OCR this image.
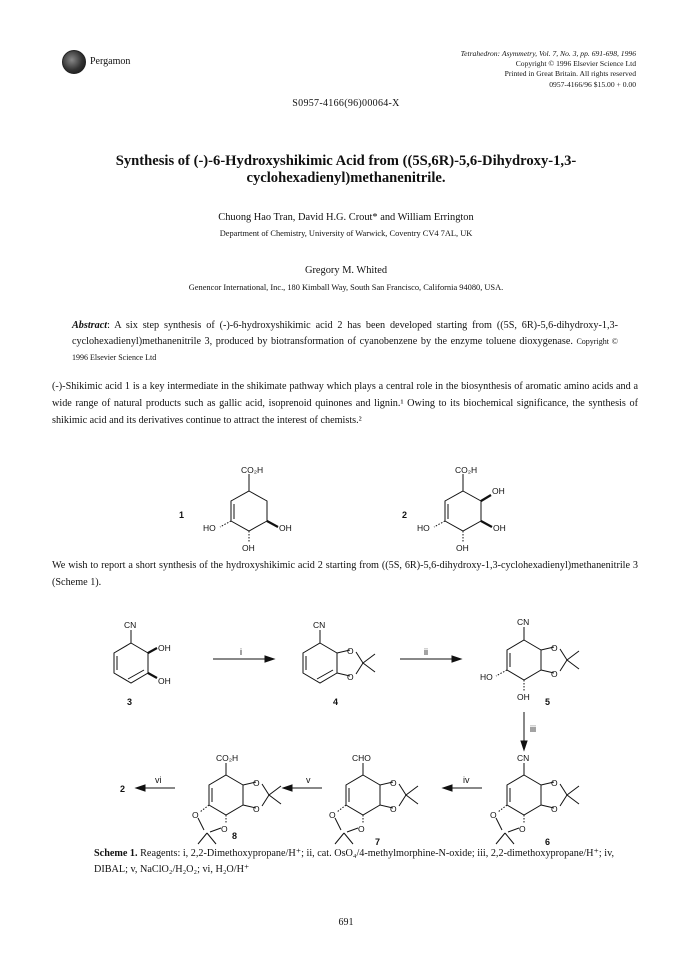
Pergamon
Tetrahedron: Asymmetry, Vol. 7, No. 3, pp. 691-698, 1996
Copyright © 1996 Elsevier Science Ltd
Printed in Great Britain. All rights reserved
0957-4166/96 $15.00 + 0.00
S0957-4166(96)00064-X
Synthesis of (-)-6-Hydroxyshikimic Acid from ((5S,6R)-5,6-Dihydroxy-1,3-cyclohexadienyl)methanenitrile.
Chuong Hao Tran, David H.G. Crout* and William Errington
Department of Chemistry, University of Warwick, Coventry CV4 7AL, UK
Gregory M. Whited
Genencor International, Inc., 180 Kimball Way, South San Francisco, California 94080, USA.
Abstract: A six step synthesis of (-)-6-hydroxyshikimic acid 2 has been developed starting from ((5S, 6R)-5,6-dihydroxy-1,3-cyclohexadienyl)methanenitrile 3, produced by biotransformation of cyanobenzene by the enzyme toluene dioxygenase. Copyright © 1996 Elsevier Science Ltd
(-)-Shikimic acid 1 is a key intermediate in the shikimate pathway which plays a central role in the biosynthesis of aromatic amino acids and a wide range of natural products such as gallic acid, isoprenoid quinones and lignin.¹ Owing to its biochemical significance, the synthesis of shikimic acid and its derivatives continue to attract the interest of chemists.²
We wish to report a short synthesis of the hydroxyshikimic acid 2 starting from ((5S, 6R)-5,6-dihydroxy-1,3-cyclohexadienyl)methanenitrile 3 (Scheme 1).
CO₂H
OH
HO
OH
1
CO₂H
OH
OH
HO
OH
2
CN
OH
OH
3
i	O
O
CN
4
ii	O
O
CN
HO
OH 5
iii
O
O
O
O
CN
6
iv
O
O
O
O
CHO
7
v
O
O
O
O
CO₂H
8
vi
2
Scheme 1. Reagents: i, 2,2-Dimethoxypropane/H⁺; ii, cat. OsO₄/4-methylmorphine-N-oxide; iii, 2,2-dimethoxypropane/H⁺; iv, DIBAL; v, NaClO₂/H₂O₂; vi, H₂O/H⁺
691
